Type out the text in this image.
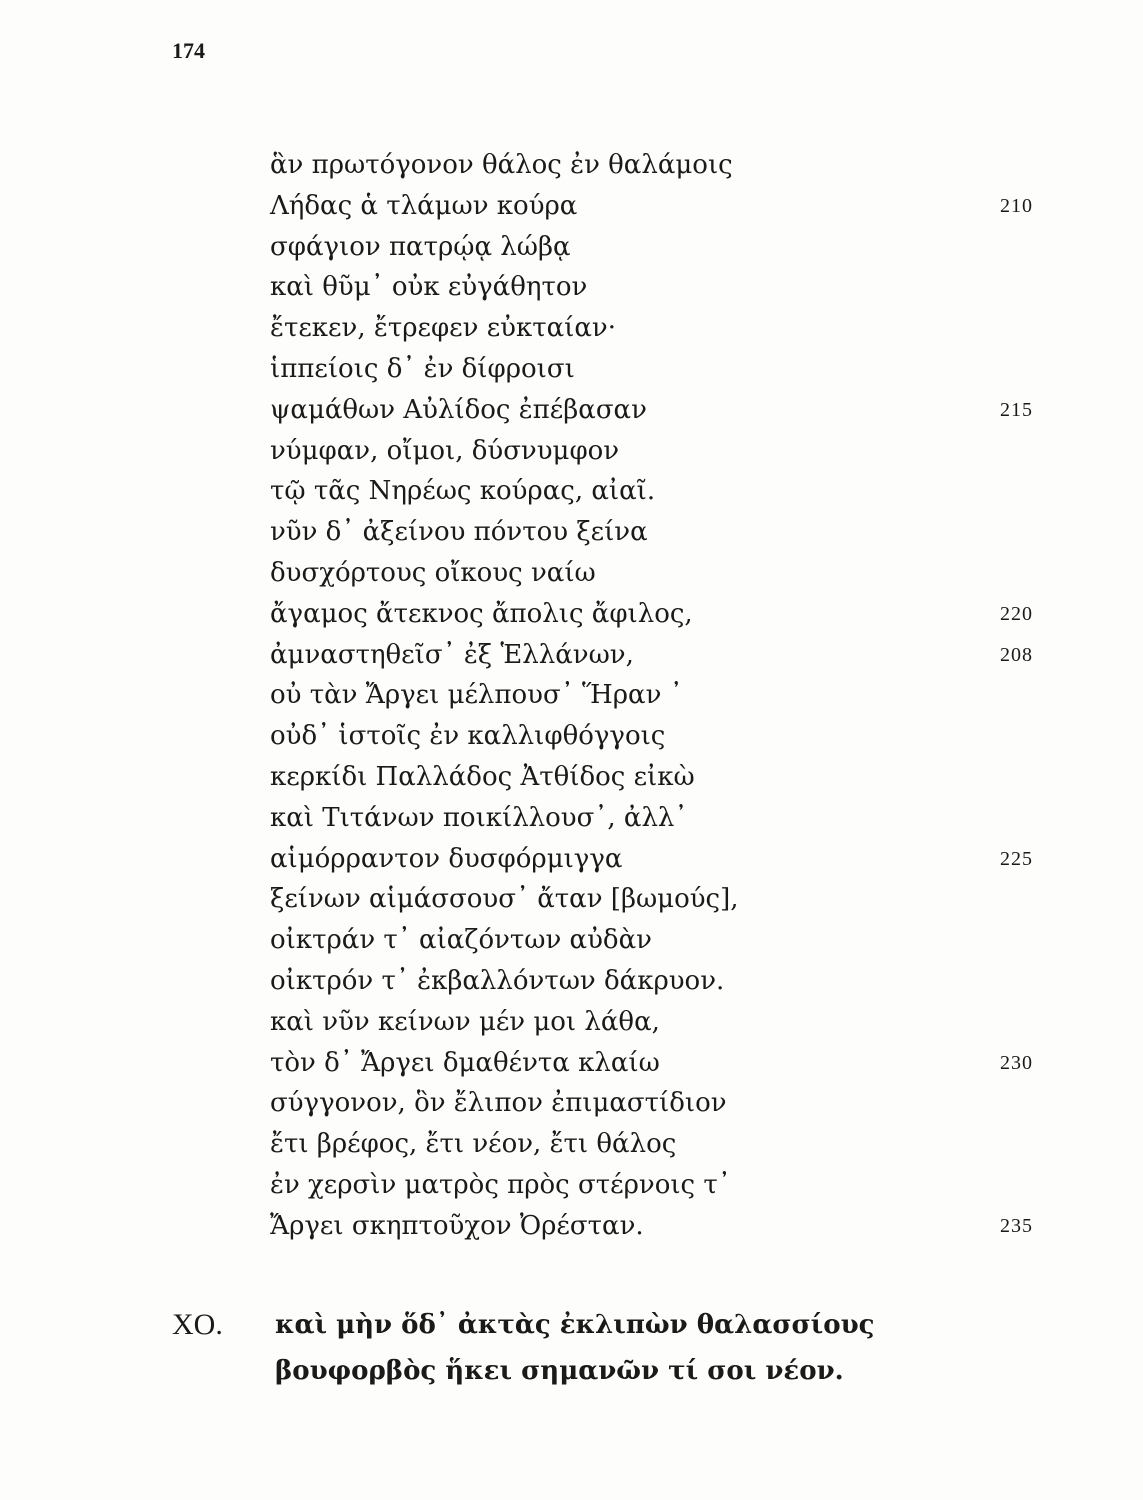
174
ἃν πρωτόγονον θάλος ἐν θαλάμοις
Λήδας ἁ τλάμων κούρα	210
σφάγιον πατρῴᾳ λώβᾳ
καὶ θῦμ᾽ οὐκ εὐγάθητον
ἔτεκεν, ἔτρεφεν εὐκταίαν·
ἱππείοις δ᾽ ἐν δίφροισι
ψαμάθων Αὐλίδος ἐπέβασαν	215
νύμφαν, οἴμοι, δύσνυμφον
τῷ τᾶς Νηρέως κούρας, αἰαῖ.
νῦν δ᾽ ἀξείνου πόντου ξείνα
δυσχόρτους οἴκους ναίω
ἄγαμος ἄτεκνος ἄπολις ἄφιλος,	220
ἀμναστηθεῖσ᾽ ἐξ Ἑλλάνων,	208
οὐ τὰν Ἄργει μέλπουσ᾽ Ἥραν ᾽
οὐδ᾽ ἱστοῖς ἐν καλλιφθόγγοις
κερκίδι Παλλάδος Ἀτθίδος εἰκὼ
καὶ Τιτάνων ποικίλλουσ᾽, ἀλλ᾽
αἱμόρραντον δυσφόρμιγγα	225
ξείνων αἱμάσσουσ᾽ ἄταν [βωμούς],
οἰκτράν τ᾽ αἰαζόντων αὐδὰν
οἰκτρόν τ᾽ ἐκβαλλόντων δάκρυον.
καὶ νῦν κείνων μέν μοι λάθα,
τὸν δ᾽ Ἄργει δμαθέντα κλαίω	230
σύγγονον, ὃν ἔλιπον ἐπιμαστίδιον
ἔτι βρέφος, ἔτι νέον, ἔτι θάλος
ἐν χερσὶν ματρὸς πρὸς στέρνοις τ᾽
Ἄργει σκηπτοῦχον Ὀρέσταν.	235
ΧΟ. καὶ μὴν ὅδ᾽ ἀκτὰς ἐκλιπὼν θαλασσίους
βουφορβὸς ἥκει σημανῶν τί σοι νέον.
